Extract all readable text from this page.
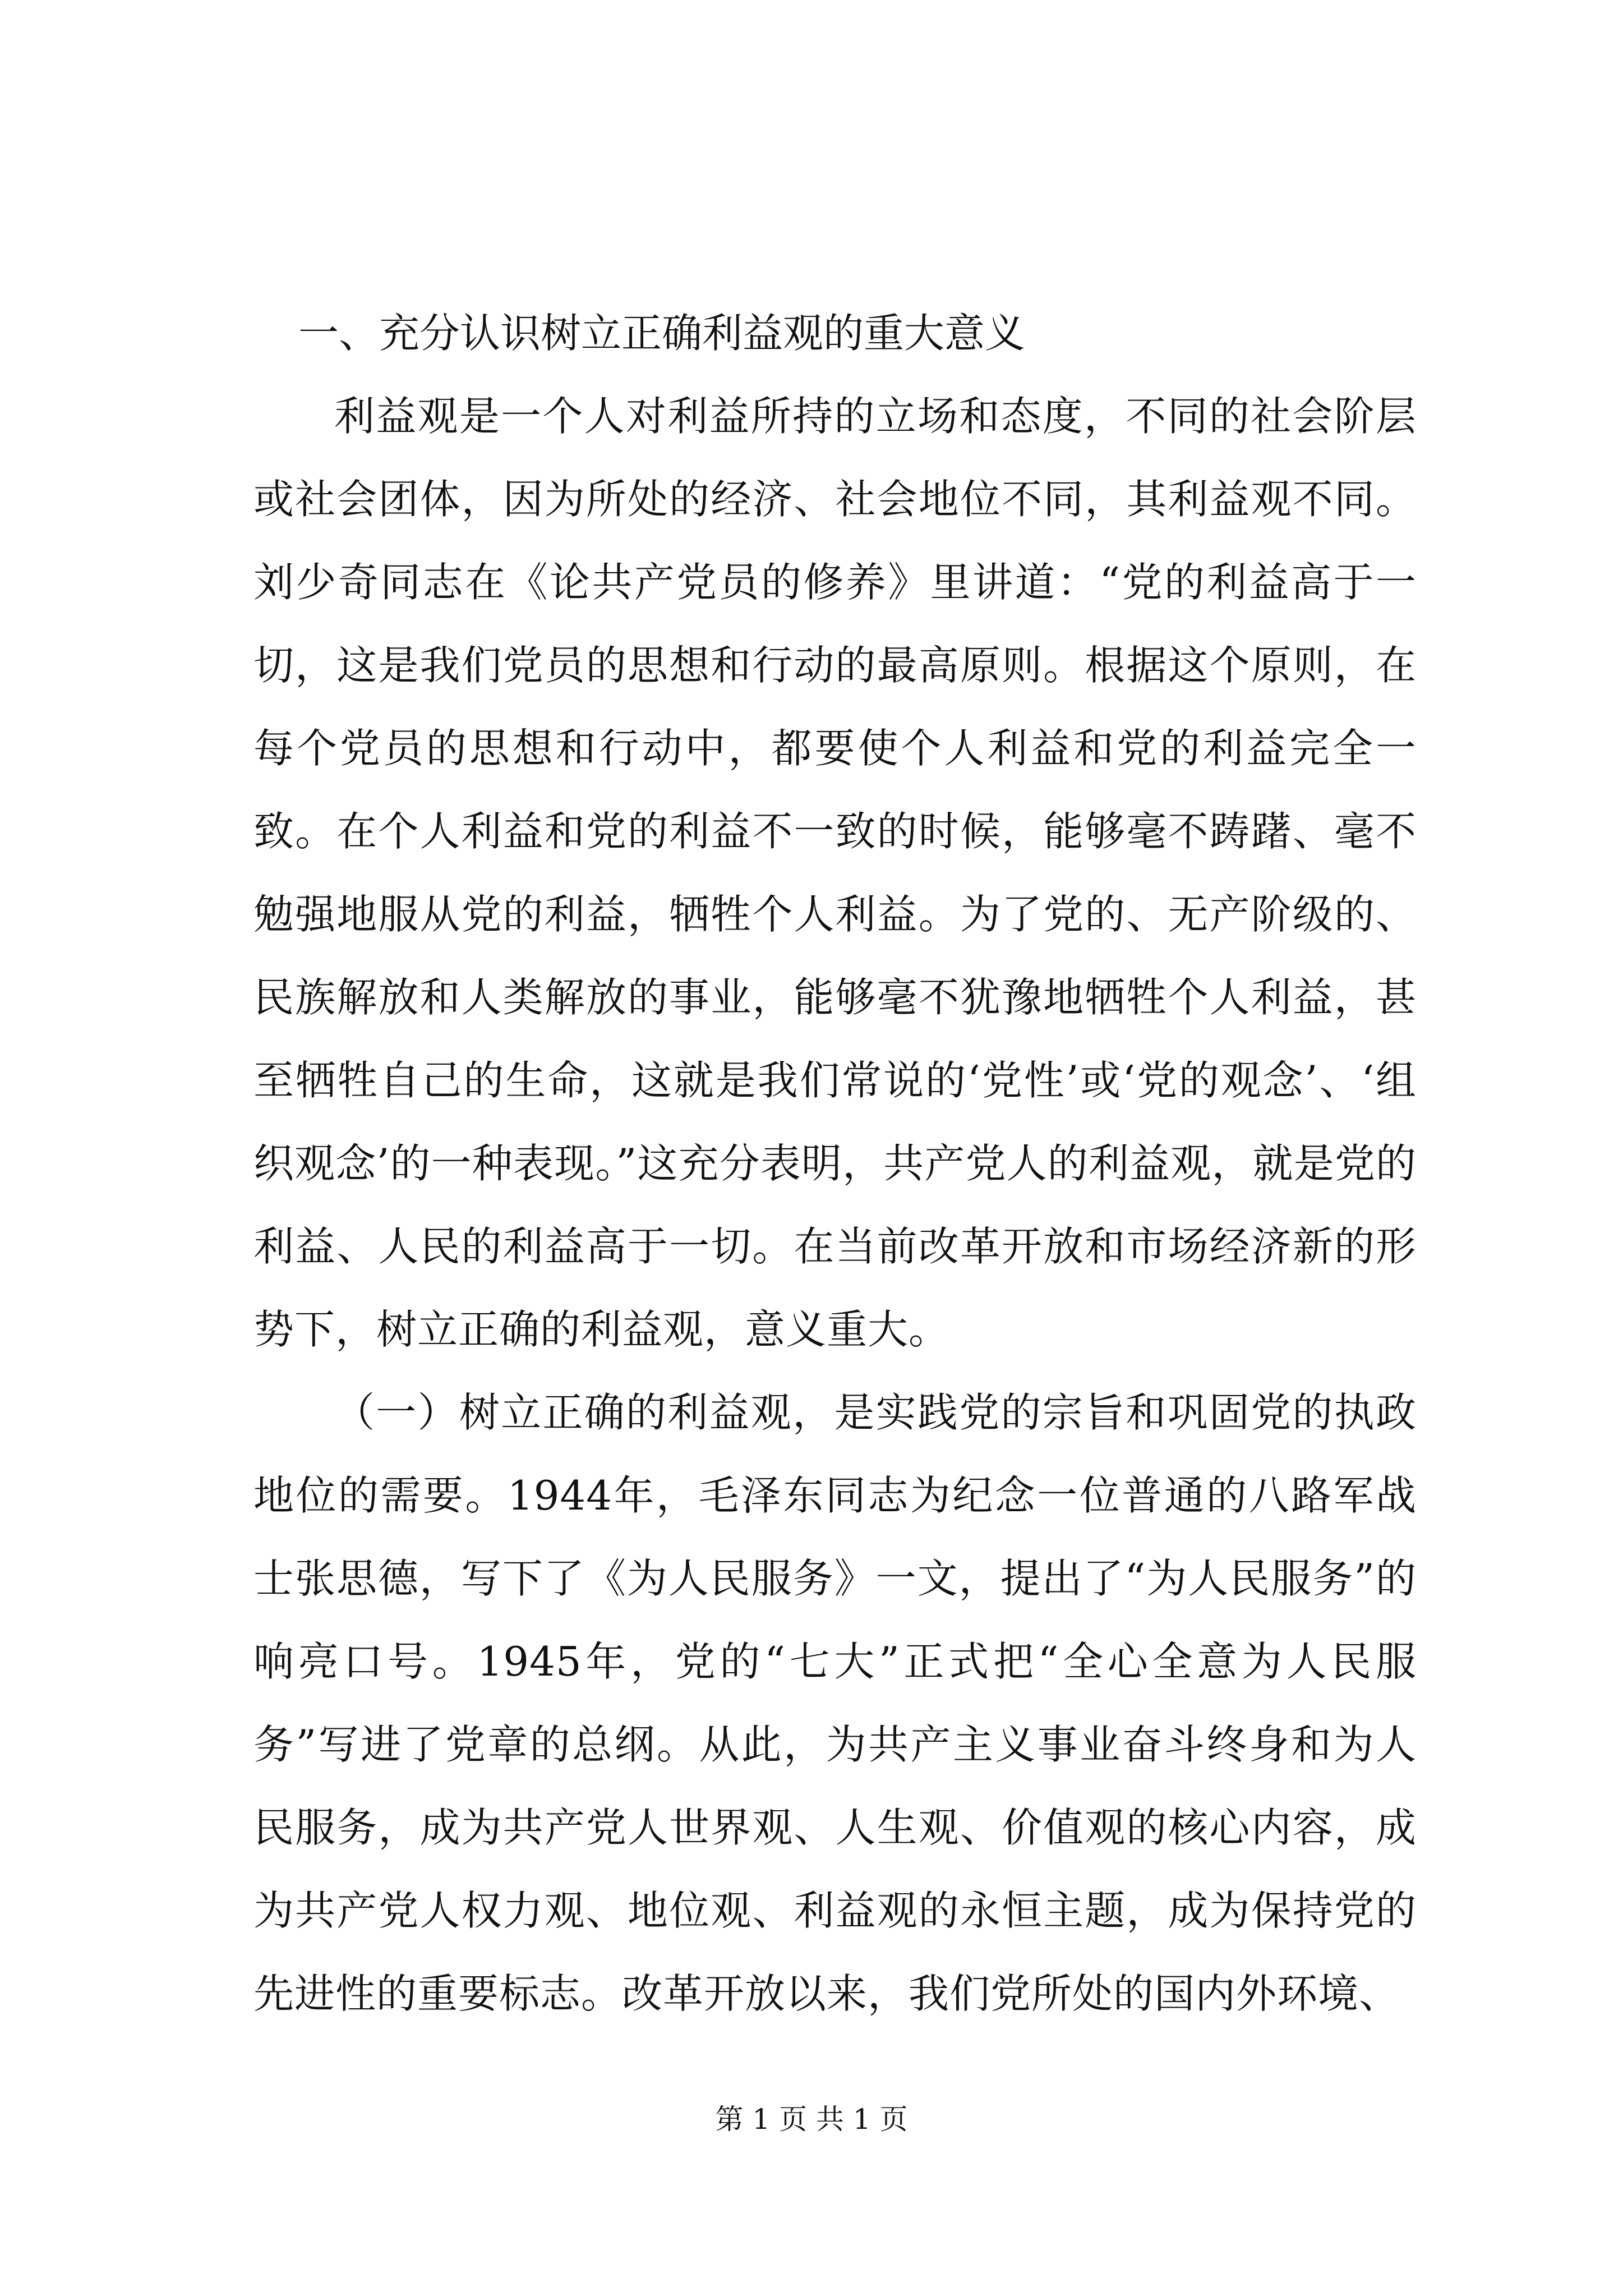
一、充分认识树立正确利益观的重大意义

利益观是一个人对利益所持的立场和态度，不同的社会阶层或社会团体，因为所处的经济、社会地位不同，其利益观不同。刘少奇同志在《论共产党员的修养》里讲道：“党的利益高于一切，这是我们党员的思想和行动的最高原则。根据这个原则，在每个党员的思想和行动中，都要使个人利益和党的利益完全一致。在个人利益和党的利益不一致的时候，能够毫不踌躇、毫不勉强地服从党的利益，牺牲个人利益。为了党的、无产阶级的、民族解放和人类解放的事业，能够毫不犹豫地牺牲个人利益，甚至牺牲自己的生命，这就是我们常说的‘党性’或‘党的观念’、‘组织观念’的一种表现。”这充分表明，共产党人的利益观，就是党的利益、人民的利益高于一切。在当前改革开放和市场经济新的形势下，树立正确的利益观，意义重大。

（一）树立正确的利益观，是实践党的宗旨和巩固党的执政地位的需要。1944年，毛泽东同志为纪念一位普通的八路军战士张思德，写下了《为人民服务》一文，提出了“为人民服务”的响亮口号。1945年，党的“七大”正式把“全心全意为人民服务”写进了党章的总纲。从此，为共产主义事业奋斗终身和为人民服务，成为共产党人世界观、人生观、价值观的核心内容，成为共产党人权力观、地位观、利益观的永恒主题，成为保持党的先进性的重要标志。改革开放以来，我们党所处的国内外环境、

第 1 页 共 1 页
